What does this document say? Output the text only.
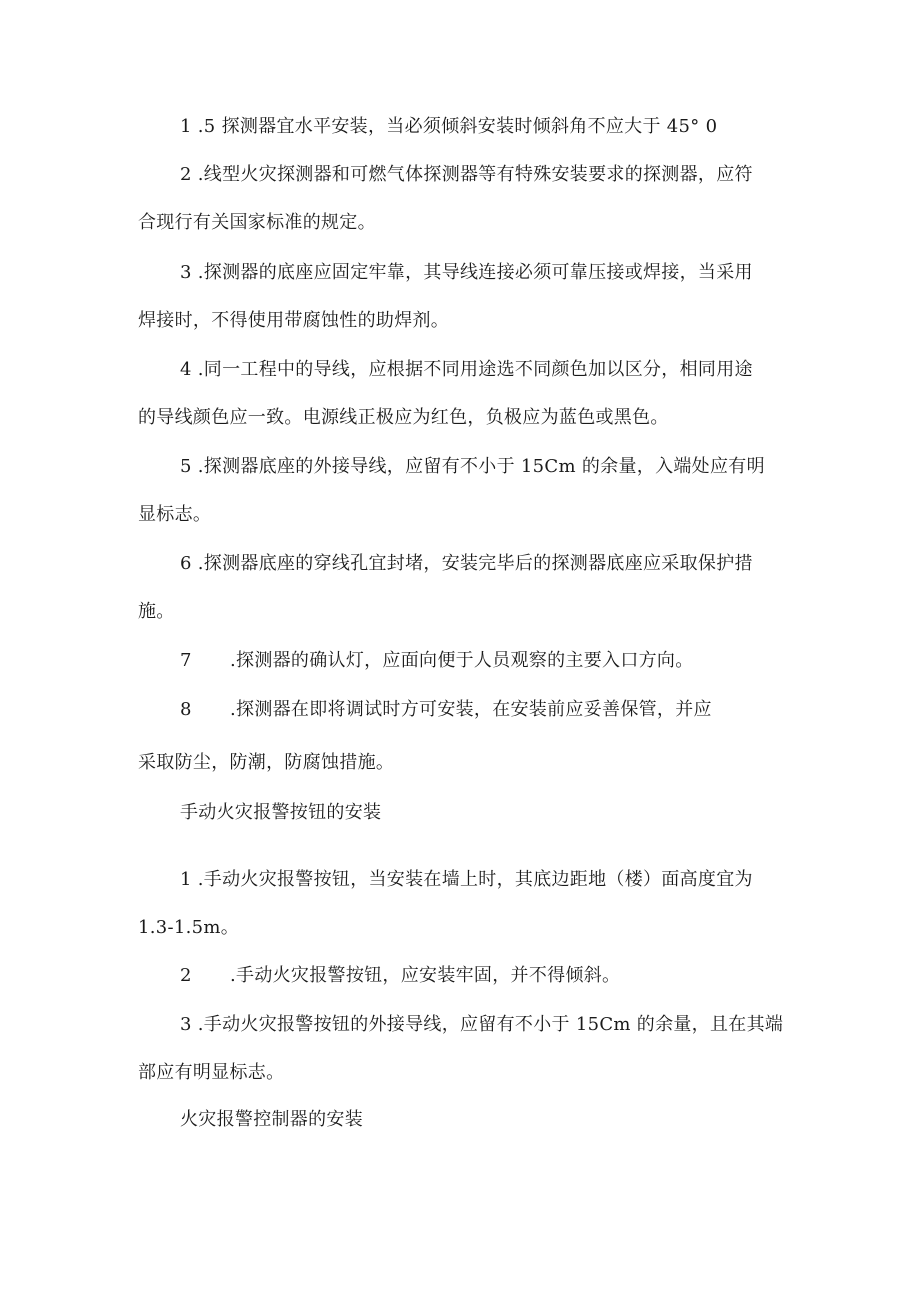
1 .5 探测器宜水平安装，当必须倾斜安装时倾斜角不应大于 45° 0
2 .线型火灾探测器和可燃气体探测器等有特殊安装要求的探测器，应符
合现行有关国家标准的规定。
3 .探测器的底座应固定牢靠，其导线连接必须可靠压接或焊接，当采用
焊接时，不得使用带腐蚀性的助焊剂。
4 .同一工程中的导线，应根据不同用途选不同颜色加以区分，相同用途
的导线颜色应一致。电源线正极应为红色，负极应为蓝色或黑色。
5 .探测器底座的外接导线，应留有不小于 15Cm 的余量，入端处应有明
显标志。
6 .探测器底座的穿线孔宜封堵，安装完毕后的探测器底座应采取保护措
施。
7 .探测器的确认灯，应面向便于人员观察的主要入口方向。
8 .探测器在即将调试时方可安装，在安装前应妥善保管，并应
采取防尘，防潮，防腐蚀措施。
手动火灾报警按钮的安装
1 .手动火灾报警按钮，当安装在墙上时，其底边距地（楼）面高度宜为
1.3-1.5m。
2 .手动火灾报警按钮，应安装牢固，并不得倾斜。
3 .手动火灾报警按钮的外接导线，应留有不小于 15Cm 的余量，且在其端
部应有明显标志。
火灾报警控制器的安装
